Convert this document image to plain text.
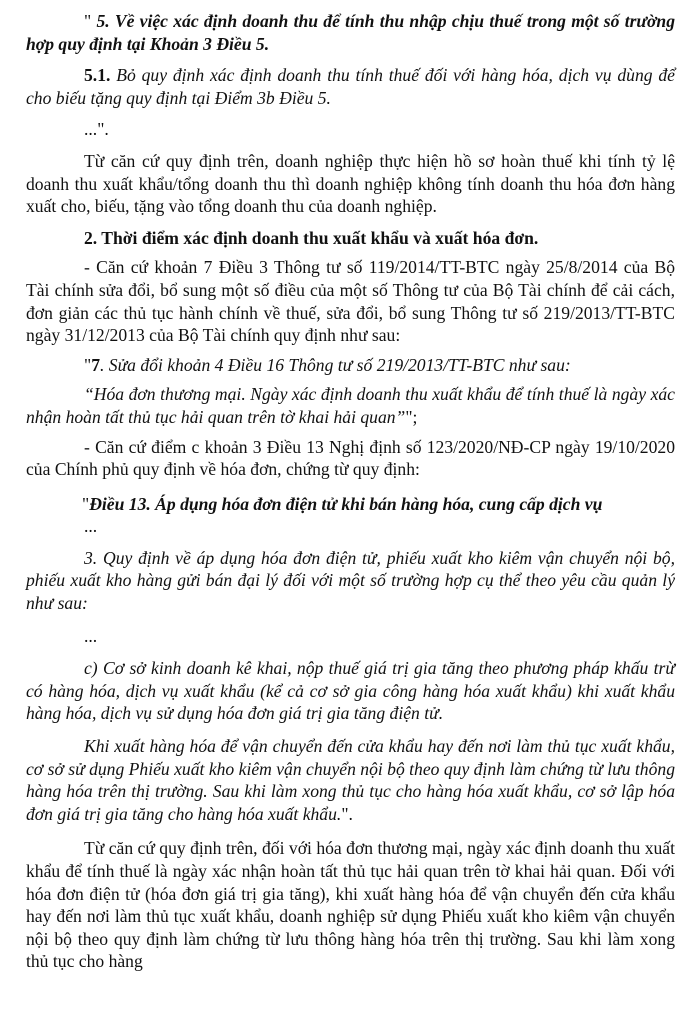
" 5. Về việc xác định doanh thu để tính thu nhập chịu thuế trong một số trường hợp quy định tại Khoản 3 Điều 5.

5.1. Bỏ quy định xác định doanh thu tính thuế đối với hàng hóa, dịch vụ dùng để cho biếu tặng quy định tại Điểm 3b Điều 5.

...".

Từ căn cứ quy định trên, doanh nghiệp thực hiện hồ sơ hoàn thuế khi tính tỷ lệ doanh thu xuất khẩu/tổng doanh thu thì doanh nghiệp không tính doanh thu hóa đơn hàng xuất cho, biếu, tặng vào tổng doanh thu của doanh nghiệp.

2. Thời điểm xác định doanh thu xuất khẩu và xuất hóa đơn.

- Căn cứ khoản 7 Điều 3 Thông tư số 119/2014/TT-BTC ngày 25/8/2014 của Bộ Tài chính sửa đổi, bổ sung một số điều của một số Thông tư của Bộ Tài chính để cải cách, đơn giản các thủ tục hành chính về thuế, sửa đổi, bổ sung Thông tư số 219/2013/TT-BTC ngày 31/12/2013 của Bộ Tài chính quy định như sau:

"7. Sửa đổi khoản 4 Điều 16 Thông tư số 219/2013/TT-BTC như sau:

“Hóa đơn thương mại. Ngày xác định doanh thu xuất khẩu để tính thuế là ngày xác nhận hoàn tất thủ tục hải quan trên tờ khai hải quan”";

- Căn cứ điểm c khoản 3 Điều 13 Nghị định số 123/2020/NĐ-CP ngày 19/10/2020 của Chính phủ quy định về hóa đơn, chứng từ quy định:

"Điều 13. Áp dụng hóa đơn điện tử khi bán hàng hóa, cung cấp dịch vụ

...

3. Quy định về áp dụng hóa đơn điện tử, phiếu xuất kho kiêm vận chuyển nội bộ, phiếu xuất kho hàng gửi bán đại lý đối với một số trường hợp cụ thể theo yêu cầu quản lý như sau:

...

c) Cơ sở kinh doanh kê khai, nộp thuế giá trị gia tăng theo phương pháp khấu trừ có hàng hóa, dịch vụ xuất khẩu (kể cả cơ sở gia công hàng hóa xuất khẩu) khi xuất khẩu hàng hóa, dịch vụ sử dụng hóa đơn giá trị gia tăng điện tử.

Khi xuất hàng hóa để vận chuyển đến cửa khẩu hay đến nơi làm thủ tục xuất khẩu, cơ sở sử dụng Phiếu xuất kho kiêm vận chuyển nội bộ theo quy định làm chứng từ lưu thông hàng hóa trên thị trường. Sau khi làm xong thủ tục cho hàng hóa xuất khẩu, cơ sở lập hóa đơn giá trị gia tăng cho hàng hóa xuất khẩu.".

Từ căn cứ quy định trên, đối với hóa đơn thương mại, ngày xác định doanh thu xuất khẩu để tính thuế là ngày xác nhận hoàn tất thủ tục hải quan trên tờ khai hải quan. Đối với hóa đơn điện tử (hóa đơn giá trị gia tăng), khi xuất hàng hóa để vận chuyển đến cửa khẩu hay đến nơi làm thủ tục xuất khẩu, doanh nghiệp sử dụng Phiếu xuất kho kiêm vận chuyển nội bộ theo quy định làm chứng từ lưu thông hàng hóa trên thị trường. Sau khi làm xong thủ tục cho hàng
